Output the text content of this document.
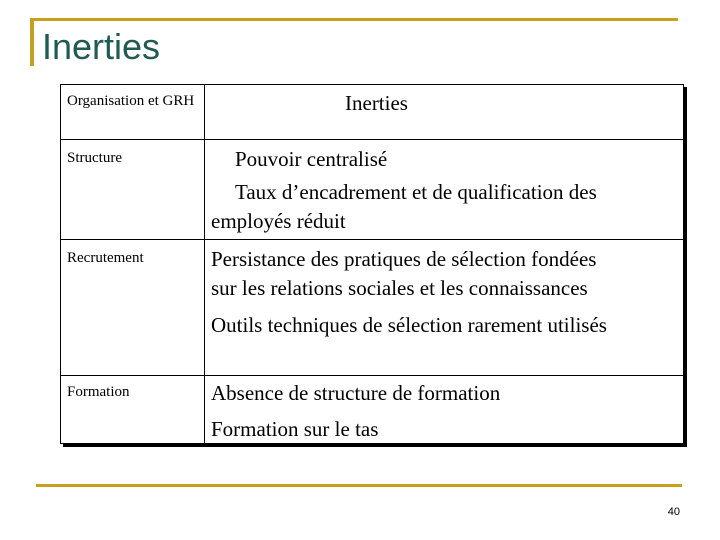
Inerties
Organisation et GRH	Inerties
Structure	Pouvoir centralisé
Taux d’encadrement et de qualification des
employés réduit
Recrutement	Persistance des pratiques de sélection fondées
sur les relations sociales et les connaissances
Outils techniques de sélection rarement utilisés
Formation	Absence de structure de formation
Formation sur le tas
40
